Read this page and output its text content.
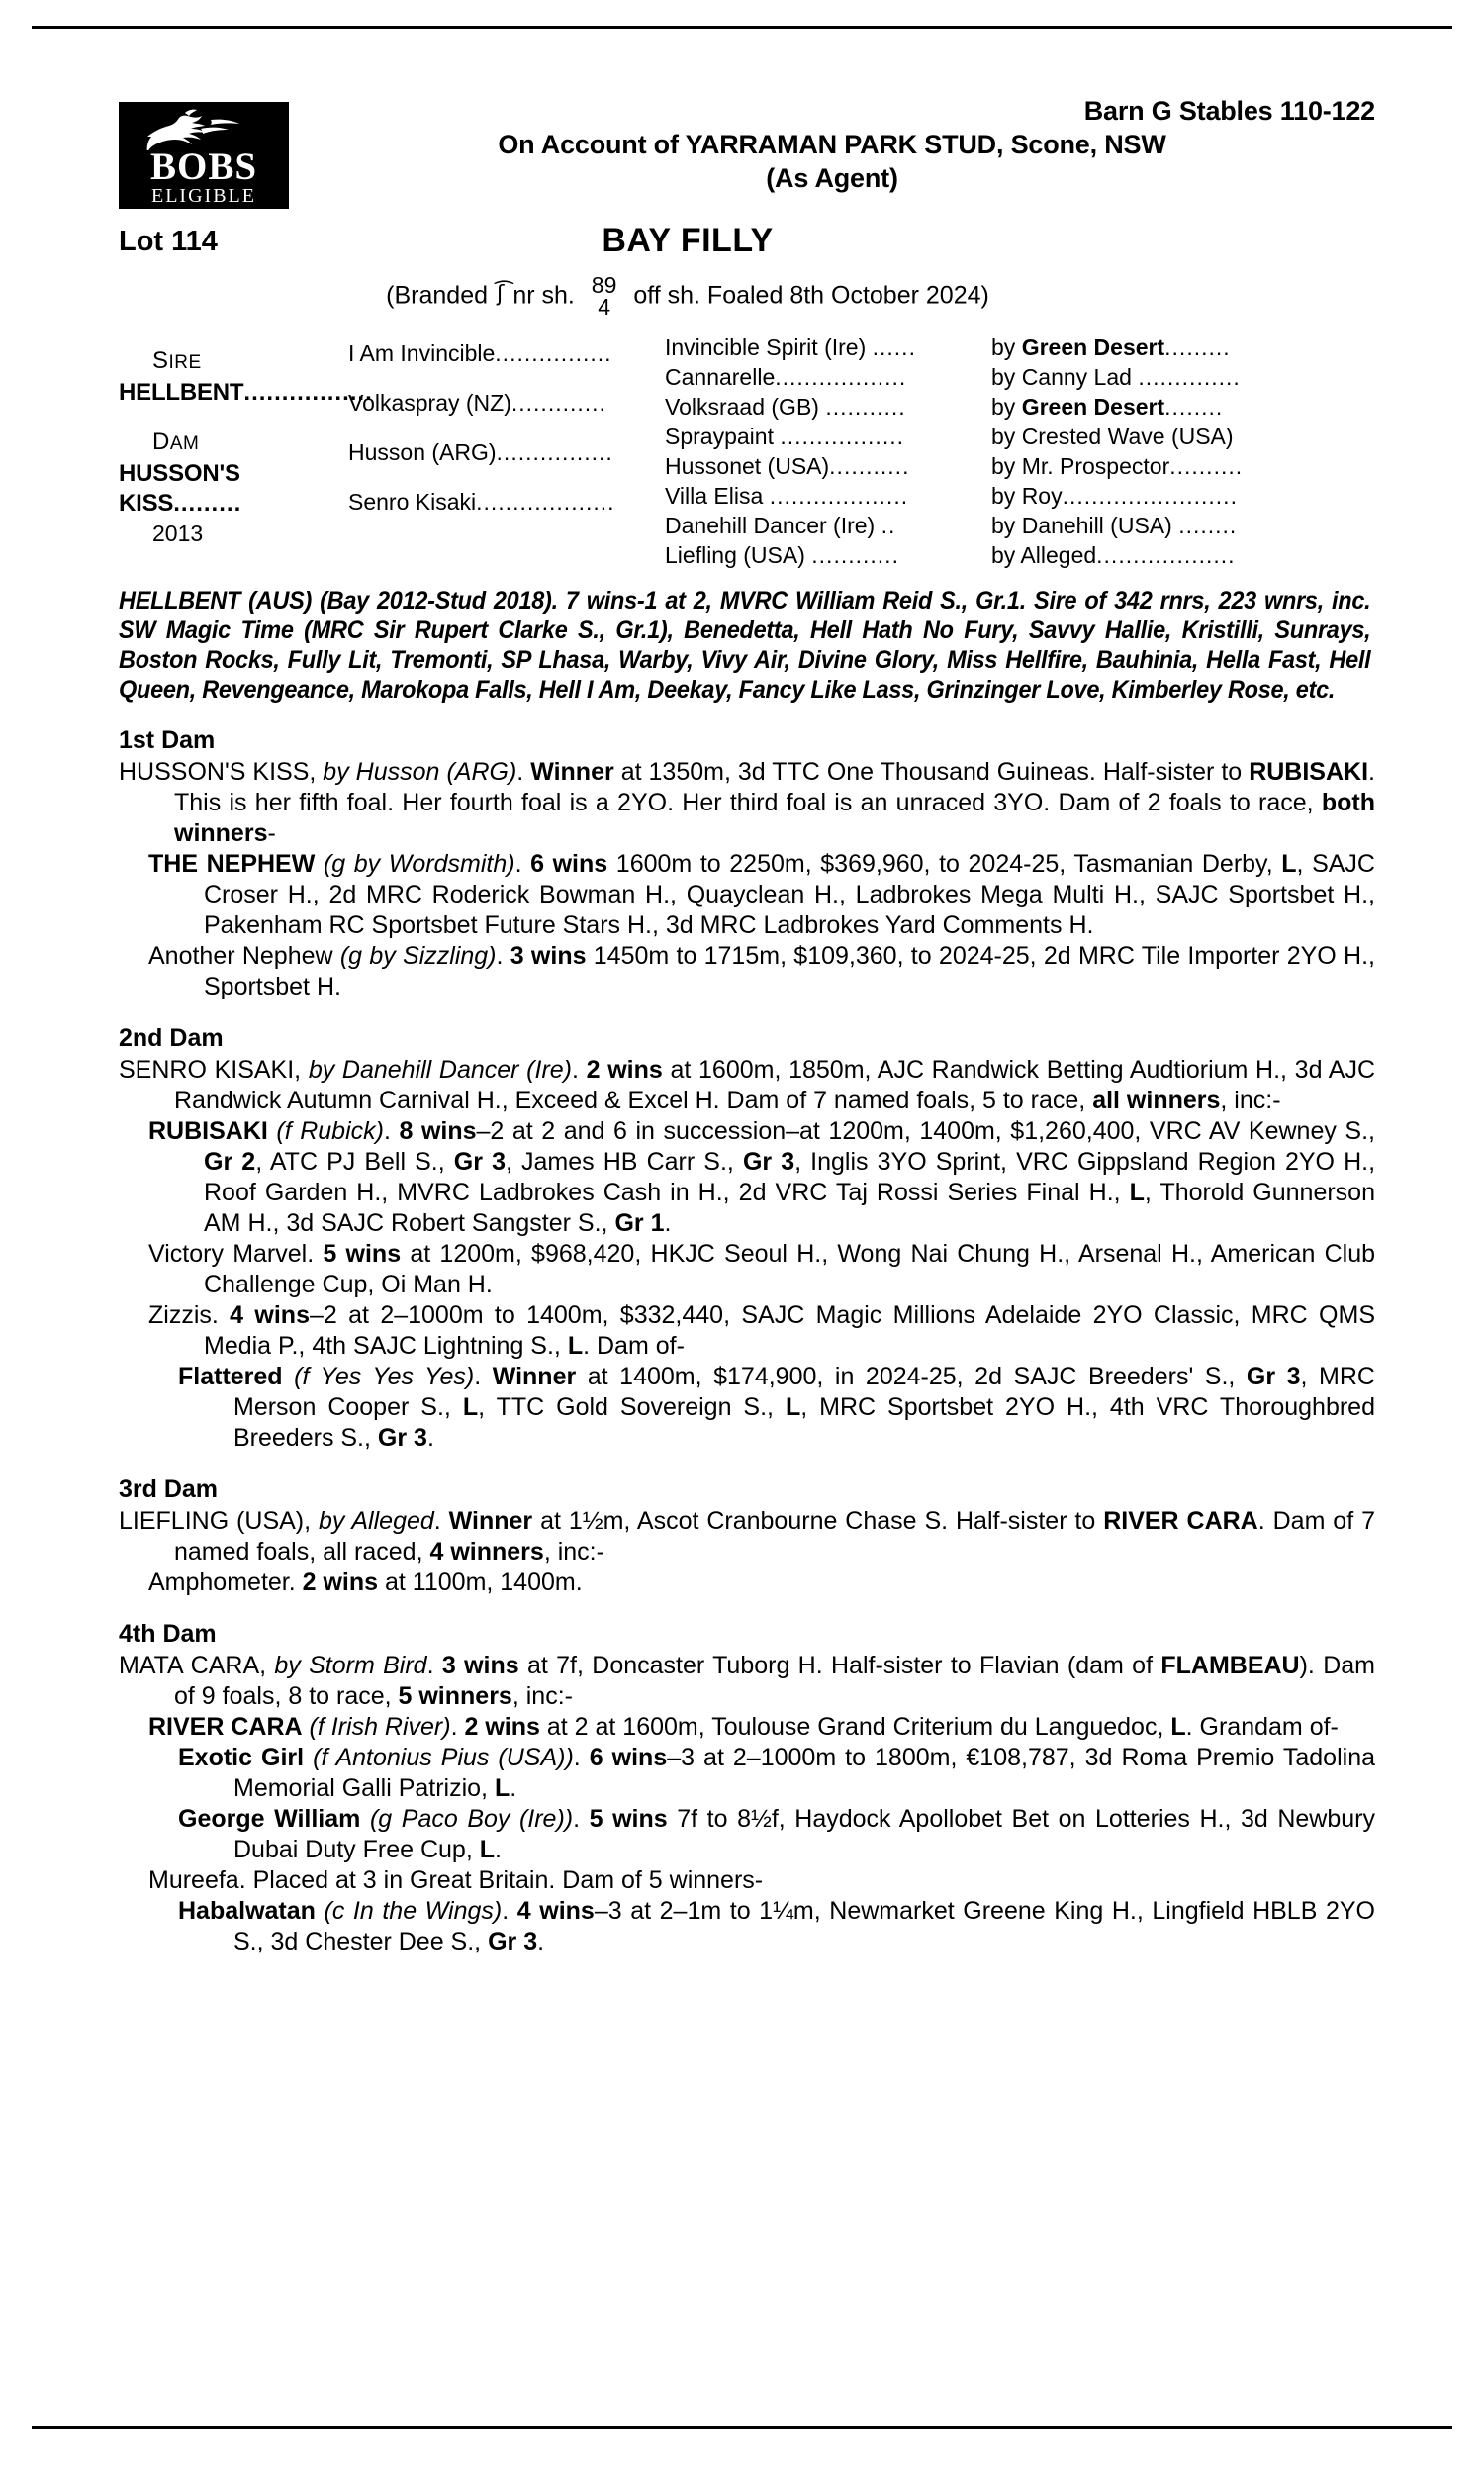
BOBS
ELIGIBLE
Barn G Stables 110-122
On Account of YARRAMAN PARK STUD, Scone, NSW
(As Agent)
Lot 114	BAY FILLY
(Branded ʃ͡ nr sh. 89
4 off sh. Foaled 8th October 2024)
SIRE
HELLBENT.................
DAM
HUSSON'S KISS.........
2013
I Am Invincible................
Volkaspray (NZ).............
Husson (ARG)................
Senro Kisaki...................
Invincible Spirit (Ire) ......
Cannarelle..................
Volksraad (GB) ...........
Spraypaint .................
Hussonet (USA)...........
Villa Elisa ...................
Danehill Dancer (Ire) ..
Liefling (USA) ............
by Green Desert.........
by Canny Lad ..............
by Green Desert........
by Crested Wave (USA)
by Mr. Prospector..........
by Roy........................
by Danehill (USA) ........
by Alleged...................
HELLBENT (AUS) (Bay 2012-Stud 2018). 7 wins-1 at 2, MVRC William Reid S., Gr.1. Sire of 342 rnrs, 223 wnrs, inc. SW Magic Time (MRC Sir Rupert Clarke S., Gr.1), Benedetta, Hell Hath No Fury, Savvy Hallie, Kristilli, Sunrays, Boston Rocks, Fully Lit, Tremonti, SP Lhasa, Warby, Vivy Air, Divine Glory, Miss Hellfire, Bauhinia, Hella Fast, Hell Queen, Revengeance, Marokopa Falls, Hell I Am, Deekay, Fancy Like Lass, Grinzinger Love, Kimberley Rose, etc.
1st Dam
HUSSON'S KISS, by Husson (ARG). Winner at 1350m, 3d TTC One Thousand Guineas. Half-sister to RUBISAKI. This is her fifth foal. Her fourth foal is a 2YO. Her third foal is an unraced 3YO. Dam of 2 foals to race, both winners-
THE NEPHEW (g by Wordsmith). 6 wins 1600m to 2250m, $369,960, to 2024-25, Tasmanian Derby, L, SAJC Croser H., 2d MRC Roderick Bowman H., Quayclean H., Ladbrokes Mega Multi H., SAJC Sportsbet H., Pakenham RC Sportsbet Future Stars H., 3d MRC Ladbrokes Yard Comments H.
Another Nephew (g by Sizzling). 3 wins 1450m to 1715m, $109,360, to 2024-25, 2d MRC Tile Importer 2YO H., Sportsbet H.
2nd Dam
SENRO KISAKI, by Danehill Dancer (Ire). 2 wins at 1600m, 1850m, AJC Randwick Betting Audtiorium H., 3d AJC Randwick Autumn Carnival H., Exceed & Excel H. Dam of 7 named foals, 5 to race, all winners, inc:-
RUBISAKI (f Rubick). 8 wins–2 at 2 and 6 in succession–at 1200m, 1400m, $1,260,400, VRC AV Kewney S., Gr 2, ATC PJ Bell S., Gr 3, James HB Carr S., Gr 3, Inglis 3YO Sprint, VRC Gippsland Region 2YO H., Roof Garden H., MVRC Ladbrokes Cash in H., 2d VRC Taj Rossi Series Final H., L, Thorold Gunnerson AM H., 3d SAJC Robert Sangster S., Gr 1.
Victory Marvel. 5 wins at 1200m, $968,420, HKJC Seoul H., Wong Nai Chung H., Arsenal H., American Club Challenge Cup, Oi Man H.
Zizzis. 4 wins–2 at 2–1000m to 1400m, $332,440, SAJC Magic Millions Adelaide 2YO Classic, MRC QMS Media P., 4th SAJC Lightning S., L. Dam of-
Flattered (f Yes Yes Yes). Winner at 1400m, $174,900, in 2024-25, 2d SAJC Breeders' S., Gr 3, MRC Merson Cooper S., L, TTC Gold Sovereign S., L, MRC Sportsbet 2YO H., 4th VRC Thoroughbred Breeders S., Gr 3.
3rd Dam
LIEFLING (USA), by Alleged. Winner at 1½m, Ascot Cranbourne Chase S. Half-sister to RIVER CARA. Dam of 7 named foals, all raced, 4 winners, inc:-
Amphometer. 2 wins at 1100m, 1400m.
4th Dam
MATA CARA, by Storm Bird. 3 wins at 7f, Doncaster Tuborg H. Half-sister to Flavian (dam of FLAMBEAU). Dam of 9 foals, 8 to race, 5 winners, inc:-
RIVER CARA (f Irish River). 2 wins at 2 at 1600m, Toulouse Grand Criterium du Languedoc, L. Grandam of-
Exotic Girl (f Antonius Pius (USA)). 6 wins–3 at 2–1000m to 1800m, €108,787, 3d Roma Premio Tadolina Memorial Galli Patrizio, L.
George William (g Paco Boy (Ire)). 5 wins 7f to 8½f, Haydock Apollobet Bet on Lotteries H., 3d Newbury Dubai Duty Free Cup, L.
Mureefa. Placed at 3 in Great Britain. Dam of 5 winners-
Habalwatan (c In the Wings). 4 wins–3 at 2–1m to 1¼m, Newmarket Greene King H., Lingfield HBLB 2YO S., 3d Chester Dee S., Gr 3.
